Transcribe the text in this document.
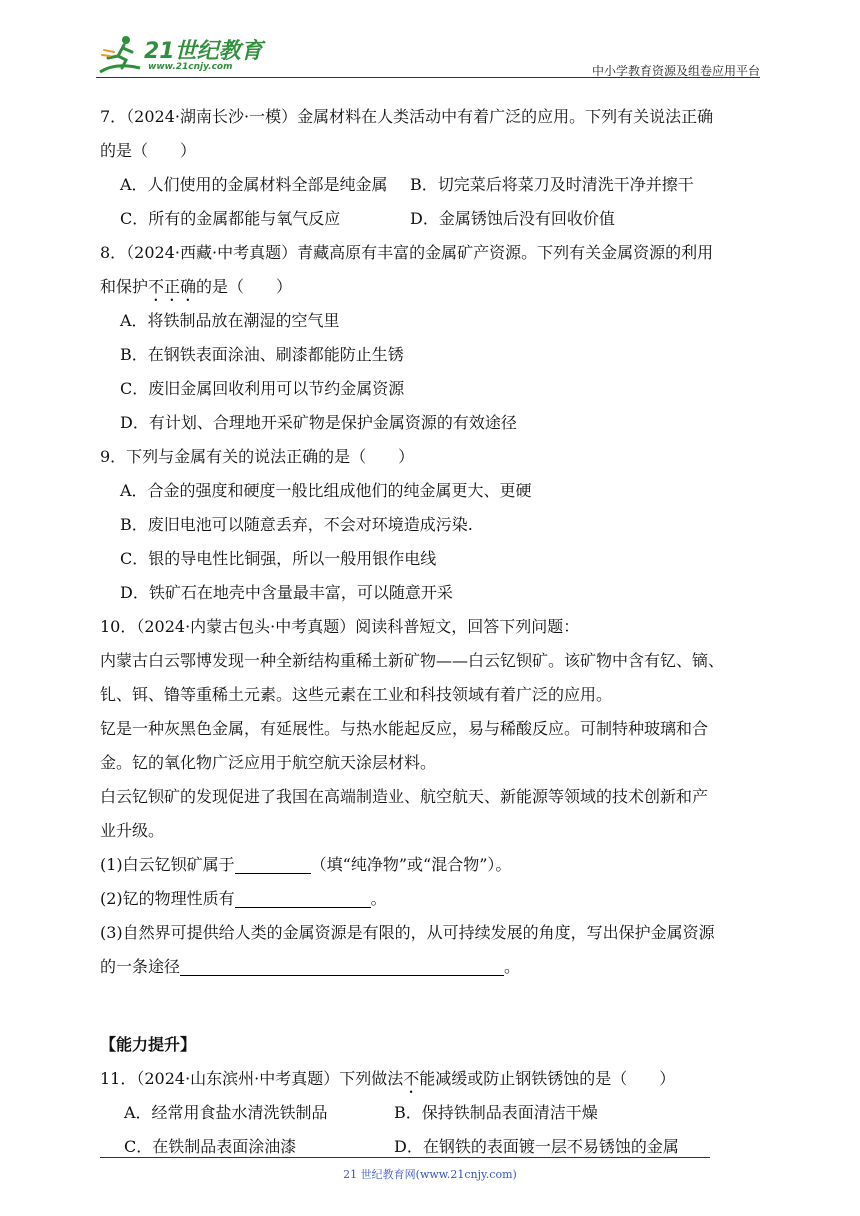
21世纪教育
www.21cnjy.com	中小学教育资源及组卷应用平台
7．（2024·湖南长沙·一模）金属材料在人类活动中有着广泛的应用。下列有关说法正确
的是（　　）
A．人们使用的金属材料全部是纯金属	B．切完菜后将菜刀及时清洗干净并擦干
C．所有的金属都能与氧气反应	D．金属锈蚀后没有回收价值
8．（2024·西藏·中考真题）青藏高原有丰富的金属矿产资源。下列有关金属资源的利用
和保护不正确的是（　　）
A．将铁制品放在潮湿的空气里
B．在钢铁表面涂油、刷漆都能防止生锈
C．废旧金属回收利用可以节约金属资源
D．有计划、合理地开采矿物是保护金属资源的有效途径
9．下列与金属有关的说法正确的是（　　）
A．合金的强度和硬度一般比组成他们的纯金属更大、更硬
B．废旧电池可以随意丢弃，不会对环境造成污染.
C．银的导电性比铜强，所以一般用银作电线
D．铁矿石在地壳中含量最丰富，可以随意开采
10．（2024·内蒙古包头·中考真题）阅读科普短文，回答下列问题：
内蒙古白云鄂博发现一种全新结构重稀土新矿物——白云钇钡矿。该矿物中含有钇、镝、
钆、铒、镥等重稀土元素。这些元素在工业和科技领域有着广泛的应用。
钇是一种灰黑色金属，有延展性。与热水能起反应，易与稀酸反应。可制特种玻璃和合
金。钇的氧化物广泛应用于航空航天涂层材料。
白云钇钡矿的发现促进了我国在高端制造业、航空航天、新能源等领域的技术创新和产
业升级。
(1)白云钇钡矿属于	（填“纯净物”或“混合物”）。
(2)钇的物理性质有	。
(3)自然界可提供给人类的金属资源是有限的，从可持续发展的角度，写出保护金属资源
的一条途径	。
【能力提升】
11．（2024·山东滨州·中考真题）下列做法不能减缓或防止钢铁锈蚀的是（　　）
A．经常用食盐水清洗铁制品	B．保持铁制品表面清洁干燥
C．在铁制品表面涂油漆	D．在钢铁的表面镀一层不易锈蚀的金属
21 世纪教育网(www.21cnjy.com)
